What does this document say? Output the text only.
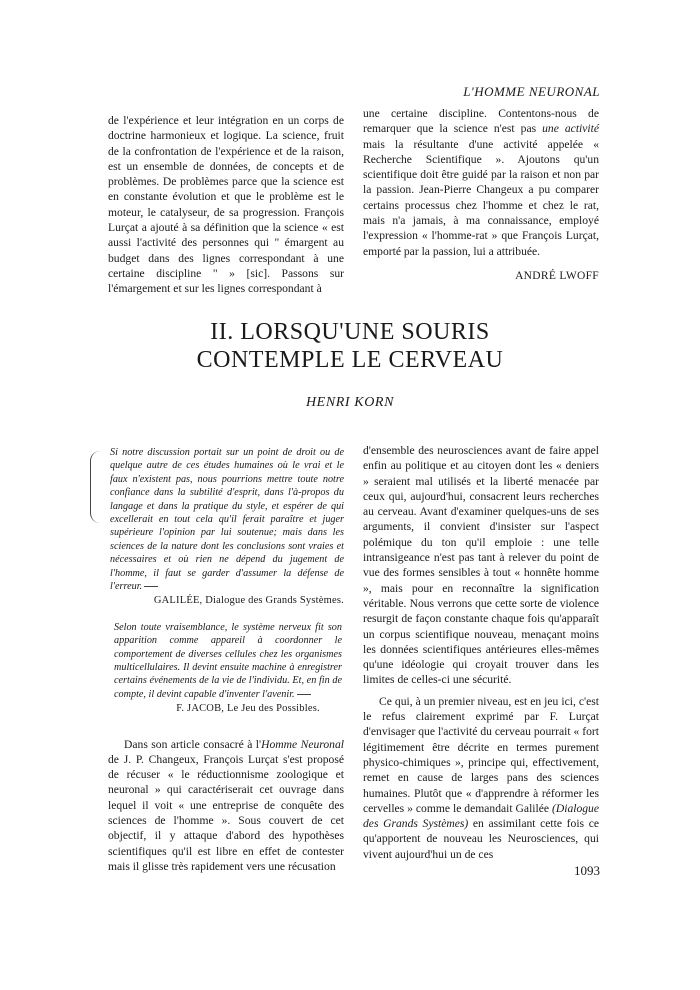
L'HOMME NEURONAL

de l'expérience et leur intégration en un corps de doctrine harmonieux et logique. La science, fruit de la confrontation de l'expérience et de la raison, est un ensemble de données, de concepts et de problèmes. De problèmes parce que la science est en constante évolution et que le problème est le moteur, le catalyseur, de sa progression. François Lurçat a ajouté à sa définition que la science « est aussi l'activité des personnes qui " émargent au budget dans des lignes correspondant à une certaine discipline " » [sic]. Passons sur l'émargement et sur les lignes correspondant à

une certaine discipline. Contentons-nous de remarquer que la science n'est pas une activité mais la résultante d'une activité appelée « Recherche Scientifique ». Ajoutons qu'un scientifique doit être guidé par la raison et non par la passion. Jean-Pierre Changeux a pu comparer certains processus chez l'homme et chez le rat, mais n'a jamais, à ma connaissance, employé l'expression « l'homme-rat » que François Lurçat, emporté par la passion, lui a attribuée.

ANDRÉ LWOFF

II. LORSQU'UNE SOURIS
CONTEMPLE LE CERVEAU
HENRI KORN
Si notre discussion portait sur un point de droit ou de quelque autre de ces études humaines où le vrai et le faux n'existent pas, nous pourrions mettre toute notre confiance dans la subtilité d'esprit, dans l'à-propos du langage et dans la pratique du style, et espérer de qui excellerait en tout cela qu'il ferait paraître et juger supérieure l'opinion par lui soutenue; mais dans les sciences de la nature dont les conclusions sont vraies et nécessaires et où rien ne dépend du jugement de l'homme, il faut se garder d'assumer la défense de l'erreur.

GALILÉE, Dialogue des Grands Systèmes.

Selon toute vraisemblance, le système nerveux fit son apparition comme appareil à coordonner le comportement de diverses cellules chez les organismes multicellulaires. Il devint ensuite machine à enregistrer certains événements de la vie de l'individu. Et, en fin de compte, il devint capable d'inventer l'avenir.

F. JACOB, Le Jeu des Possibles.

Dans son article consacré à l'Homme Neuronal de J. P. Changeux, François Lurçat s'est proposé de récuser « le réductionnisme zoologique et neuronal » qui caractériserait cet ouvrage dans lequel il voit « une entreprise de conquête des sciences de l'homme ». Sous couvert de cet objectif, il y attaque d'abord des hypothèses scientifiques qu'il est libre en effet de contester mais il glisse très rapidement vers une récusation

d'ensemble des neurosciences avant de faire appel enfin au politique et au citoyen dont les « deniers » seraient mal utilisés et la liberté menacée par ceux qui, aujourd'hui, consacrent leurs recherches au cerveau. Avant d'examiner quelques-uns de ses arguments, il convient d'insister sur l'aspect polémique du ton qu'il emploie : une telle intransigeance n'est pas tant à relever du point de vue des formes sensibles à tout « honnête homme », mais pour en reconnaître la signification véritable. Nous verrons que cette sorte de violence resurgit de façon constante chaque fois qu'apparaît un corpus scientifique nouveau, menaçant moins les données scientifiques antérieures elles-mêmes qu'une idéologie qui croyait trouver dans les limites de celles-ci une sécurité.

Ce qui, à un premier niveau, est en jeu ici, c'est le refus clairement exprimé par F. Lurçat d'envisager que l'activité du cerveau pourrait « fort légitimement être décrite en termes purement physico-chimiques », principe qui, effectivement, remet en cause de larges pans des sciences humaines. Plutôt que « d'apprendre à réformer les cervelles » comme le demandait Galilée (Dialogue des Grands Systèmes) en assimilant cette fois ce qu'apportent de nouveau les Neurosciences, qui vivent aujourd'hui un de ces

1093
